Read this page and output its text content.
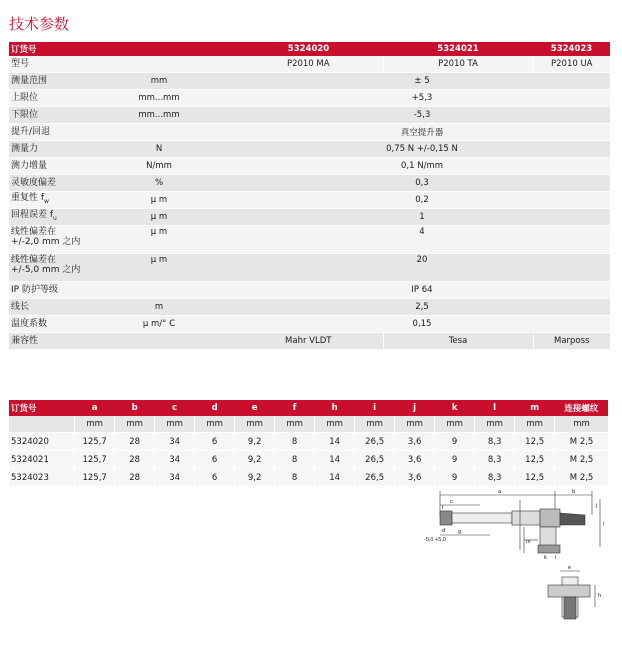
技术参数
订货号		5324020	5324021	5324023
型号		P2010 MA	P2010 TA	P2010 UA
测量范围	mm	± 5		
上限位	mm...mm	+5,3		
下限位	mm...mm	-5,3		
提升/回退		真空提升器		
测量力	N	0,75 N +/-0,15 N		
测力增量	N/mm	0,1 N/mm		
灵敏度偏差	%	0,3		
重复性 $f_w$	μ m	0,2		
回程误差 $f_u$	μ m	1		
线性偏差在
+/-2,0 mm 之内	μ m	4		
线性偏差在
+/-5,0 mm 之内	μ m	20		
IP 防护等级		IP 64		
线长	m	2,5		
温度系数	μ m/° C	0,15		
兼容性		Mahr VLDT	Tesa	Marposs
订货号	a	b	c	d	e	f	h	i	j	k	l	m	连接螺纹
	mm	mm	mm	mm	mm	mm	mm	mm	mm	mm	mm	mm	mm
5324020	125,7	28	34	6	9,2	8	14	26,5	3,6	9	8,3	12,5	M 2,5
5324021	125,7	28	34	6	9,2	8	14	26,5	3,6	9	8,3	12,5	M 2,5
5324023	125,7	28	34	6	9,2	8	14	26,5	3,6	9	8,3	12,5	M 2,5
a	b
c
f
d g
-5,0 +5,0
i
j
m
k l
e
h
